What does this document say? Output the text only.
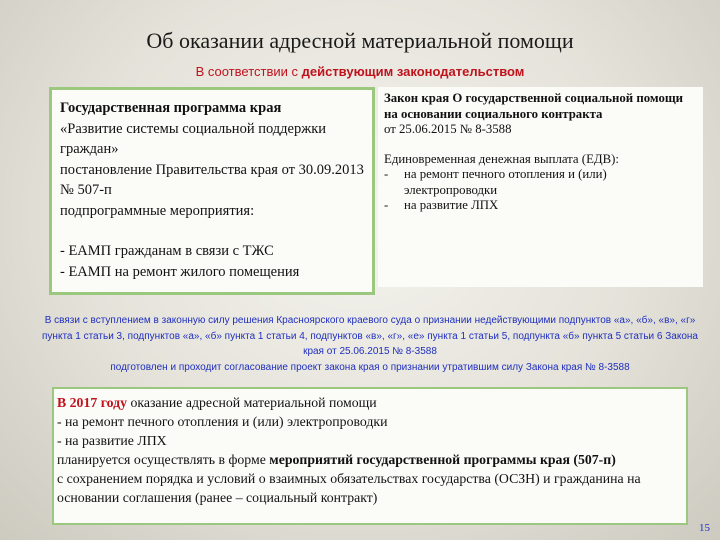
Об оказании адресной материальной помощи
В соответствии с действующим законодательством
Государственная программа края
«Развитие системы социальной поддержки граждан»
постановление Правительства края от 30.09.2013 № 507-п
подпрограммные мероприятия:
- ЕАМП гражданам в связи с ТЖС
- ЕАМП на ремонт жилого помещения
Закон края О государственной социальной помощи на основании социального контракта
от 25.06.2015 № 8-3588
Единовременная денежная выплата (ЕДВ):
-	на ремонт печного отопления и (или) электропроводки
-	на развитие ЛПХ
В связи с вступлением в законную силу решения Красноярского краевого суда о признании недействующими подпунктов «а», «б», «в», «г» пункта 1 статьи 3, подпунктов «а», «б» пункта 1 статьи 4, подпунктов «в», «г», «е» пункта 1 статьи 5, подпункта «б» пункта 5 статьи 6 Закона края от 25.06.2015 № 8-3588
подготовлен и проходит согласование проект закона края о признании утратившим силу Закона края № 8-3588
В 2017 году оказание адресной материальной помощи
- на ремонт печного отопления и (или) электропроводки
- на развитие ЛПХ
планируется осуществлять в форме мероприятий государственной программы края (507-п)
с сохранением порядка и условий о взаимных обязательствах государства (ОСЗН) и гражданина на основании соглашения (ранее – социальный контракт)
15
